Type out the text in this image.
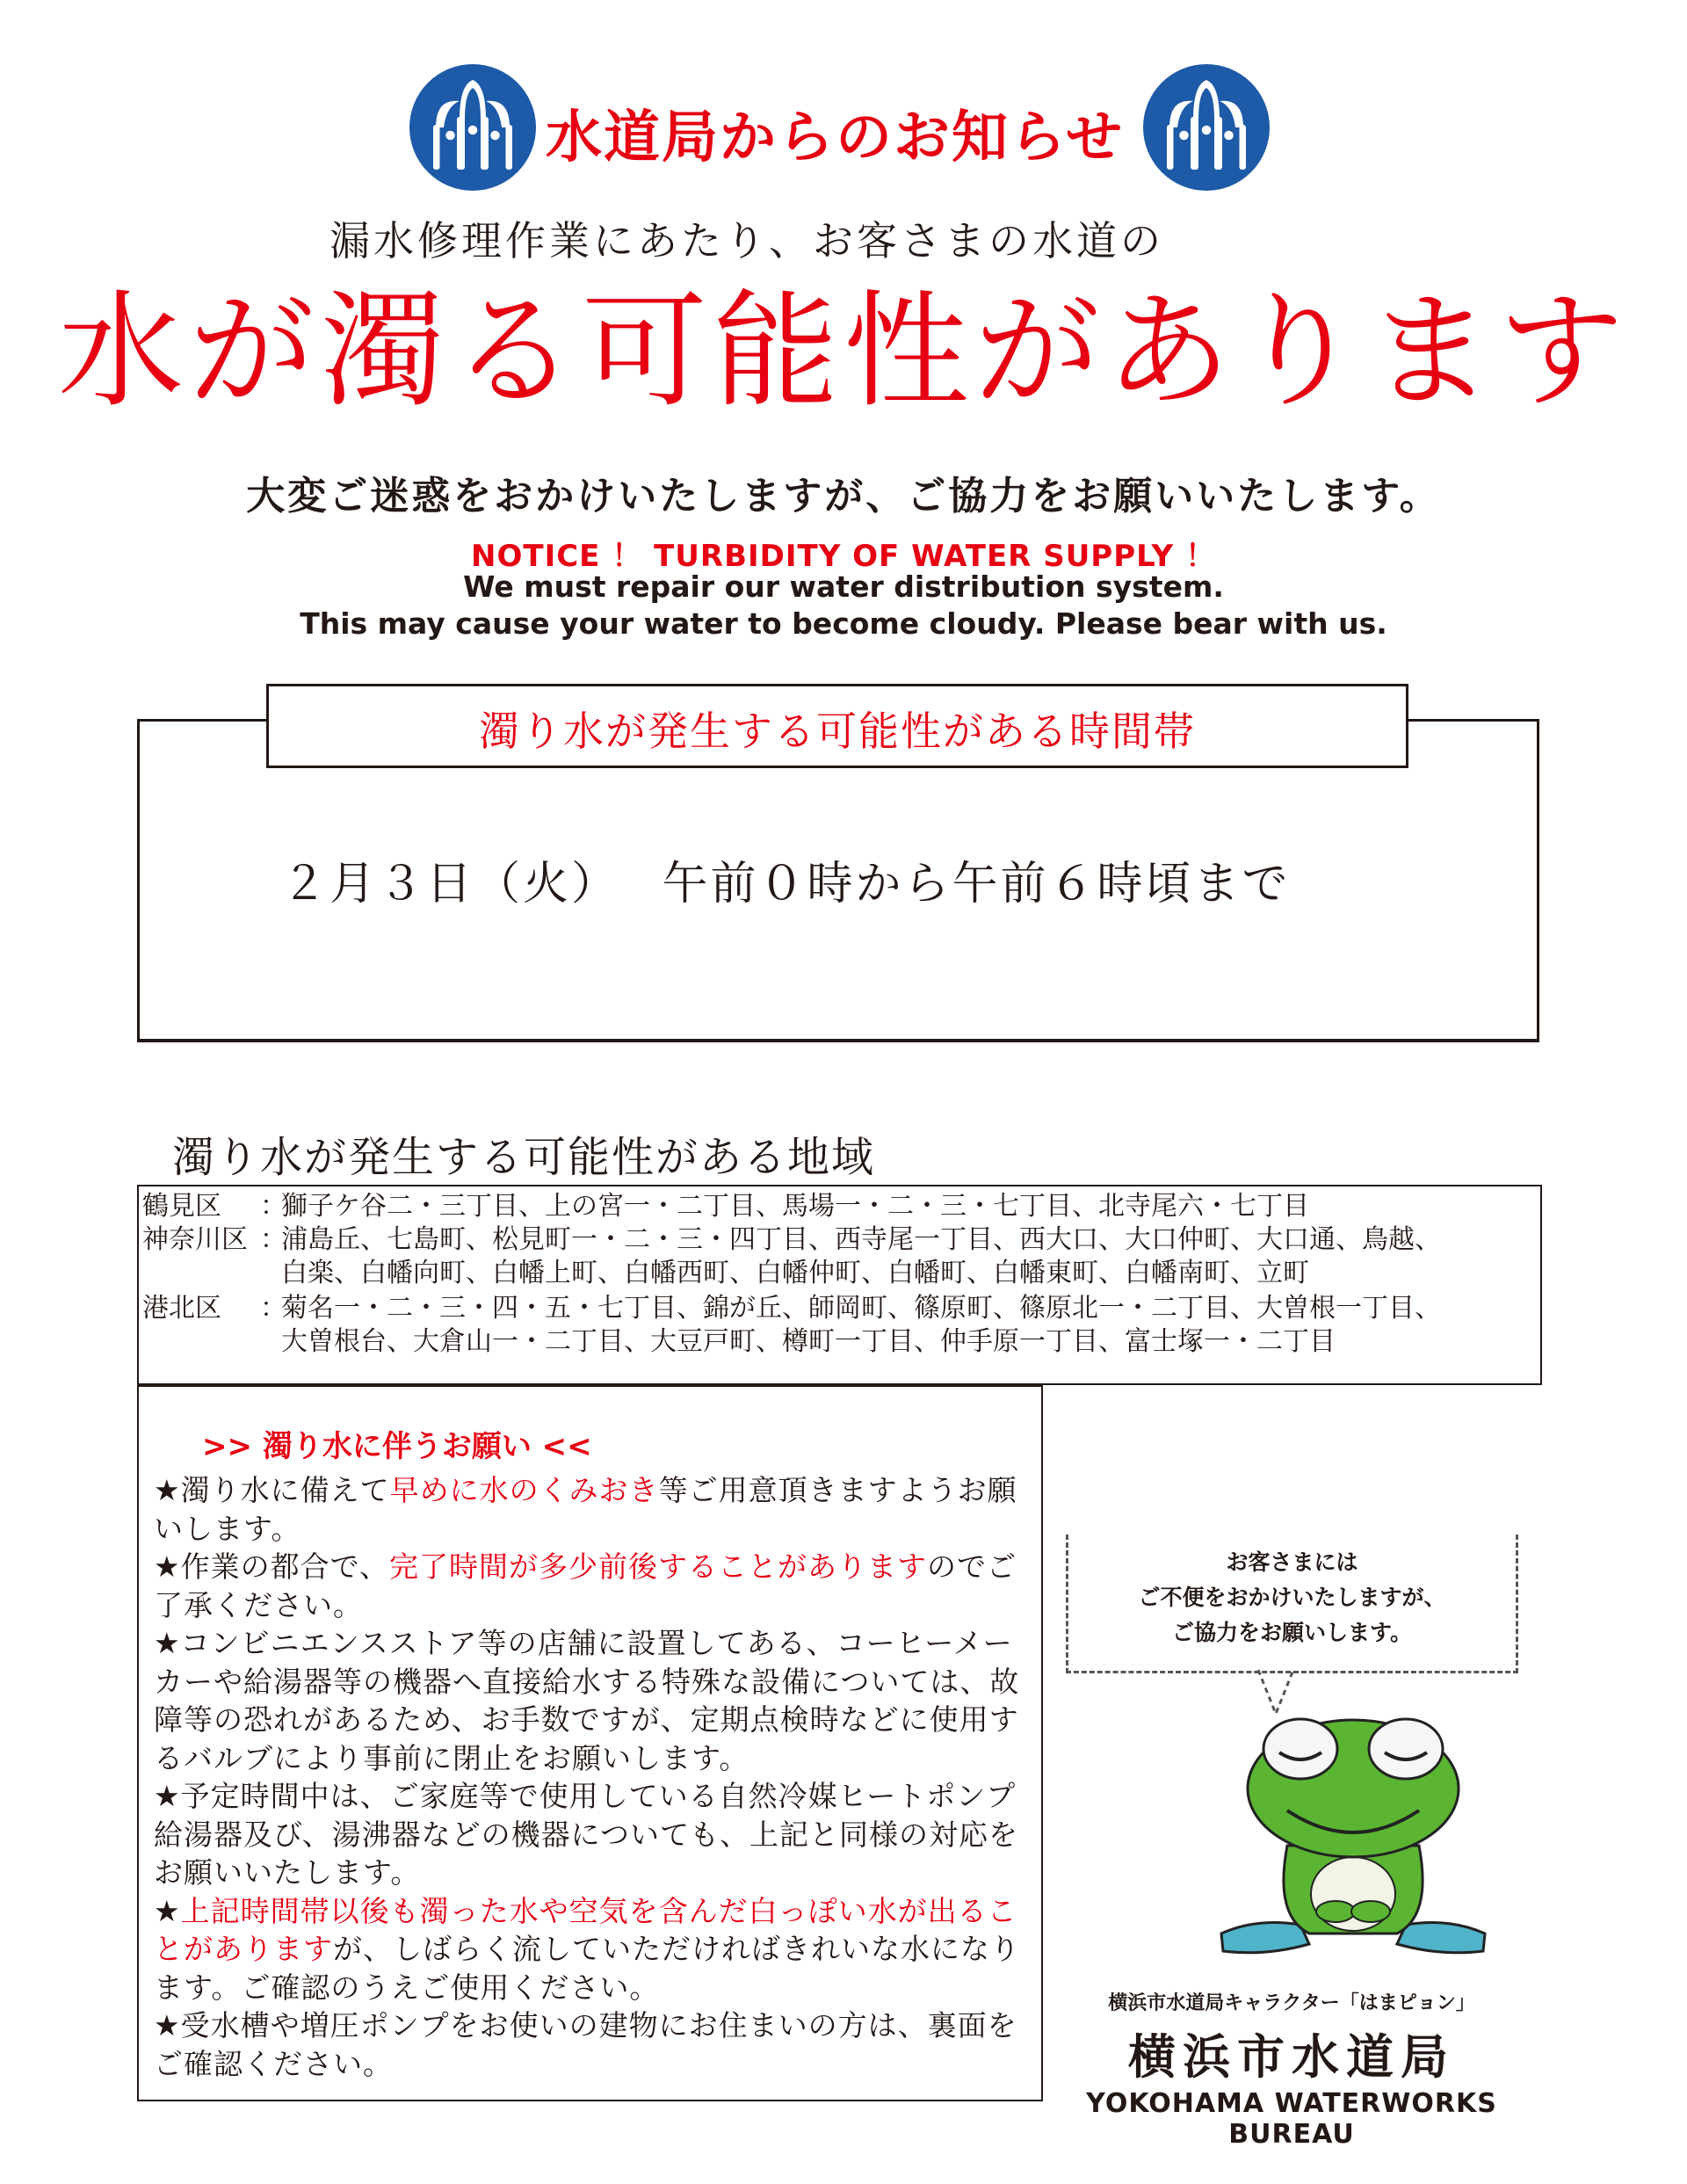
水道局からのお知らせ
漏水修理作業にあたり、お客さまの水道の
水が濁る可能性があります
大変ご迷惑をおかけいたしますが、ご協力をお願いいたします。
NOTICE ！ TURBIDITY OF WATER SUPPLY ！
We must repair our water distribution system.
This may cause your water to become cloudy. Please bear with us.
濁り水が発生する可能性がある時間帯
２月３日（火）　 午前０時から午前６時頃まで
濁り水が発生する可能性がある地域
鶴見区	：
獅子ケ谷二・三丁目、上の宮一・二丁目、馬場一・二・三・七丁目、北寺尾六・七丁目
神奈川区 ：
浦島丘、七島町、松見町一・二・三・四丁目、西寺尾一丁目、西大口、大口仲町、大口通、鳥越、
白楽、白幡向町、白幡上町、白幡西町、白幡仲町、白幡町、白幡東町、白幡南町、立町
港北区	：
菊名一・二・三・四・五・七丁目、錦が丘、師岡町、篠原町、篠原北一・二丁目、大曽根一丁目、
大曽根台、大倉山一・二丁目、大豆戸町、樽町一丁目、仲手原一丁目、富士塚一・二丁目
>> 濁り水に伴うお願い <<

★濁り水に備えて早めに水のくみおき等ご用意頂きますようお願いします。

★作業の都合で、完了時間が多少前後することがありますのでご了承ください。

★コンビニエンスストア等の店舗に設置してある、コーヒーメーカーや給湯器等の機器へ直接給水する特殊な設備については、故障等の恐れがあるため、お手数ですが、定期点検時などに使用するバルブにより事前に閉止をお願いします。

★予定時間中は、ご家庭等で使用している自然冷媒ヒートポンプ給湯器及び、湯沸器などの機器についても、上記と同様の対応をお願いいたします。

★上記時間帯以後も濁った水や空気を含んだ白っぽい水が出ることがありますが、しばらく流していただければきれいな水になります。ご確認のうえご使用ください。

★受水槽や増圧ポンプをお使いの建物にお住まいの方は、裏面をご確認ください。

お客さまには
ご不便をおかけいたしますが、
ご協力をお願いします。
横浜市水道局キャラクター「はまピョン」
横浜市水道局
YOKOHAMA WATERWORKS BUREAU
